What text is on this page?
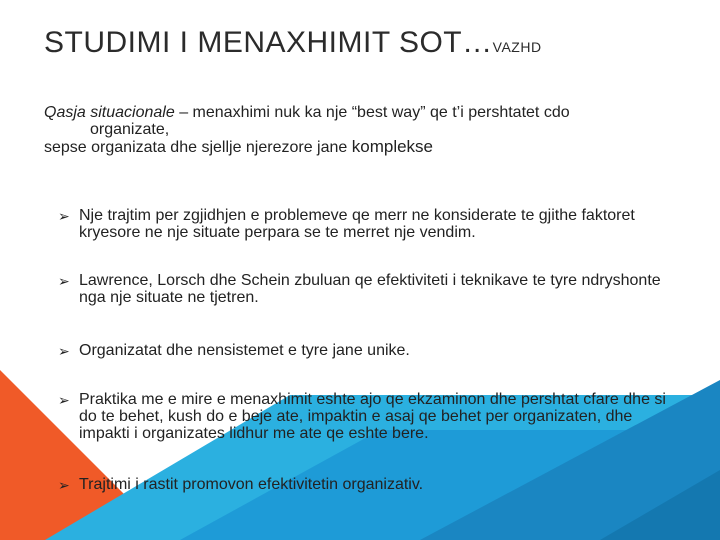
STUDIMI I MENAXHIMIT SOT…VAZHD
Qasja situacionale – menaxhimi nuk ka nje “best way” qe t’i pershtatet cdo
organizate,
sepse organizata dhe sjellje njerezore jane komplekse
➢ Nje trajtim per zgjidhjen e problemeve qe merr ne konsiderate te gjithe faktoret kryesore ne nje situate perpara se te merret nje vendim.
➢ Lawrence, Lorsch dhe Schein zbuluan qe efektiviteti i teknikave te tyre ndryshonte nga nje situate ne tjetren.
➢ Organizatat dhe nensistemet e tyre jane unike.
➢ Praktika me e mire e menaxhimit eshte ajo qe ekzaminon dhe pershtat cfare dhe si do te behet, kush do e beje ate, impaktin e asaj qe behet per organizaten, dhe impakti i organizates lidhur me ate qe eshte bere.
➢ Trajtimi i rastit promovon efektivitetin organizativ.
